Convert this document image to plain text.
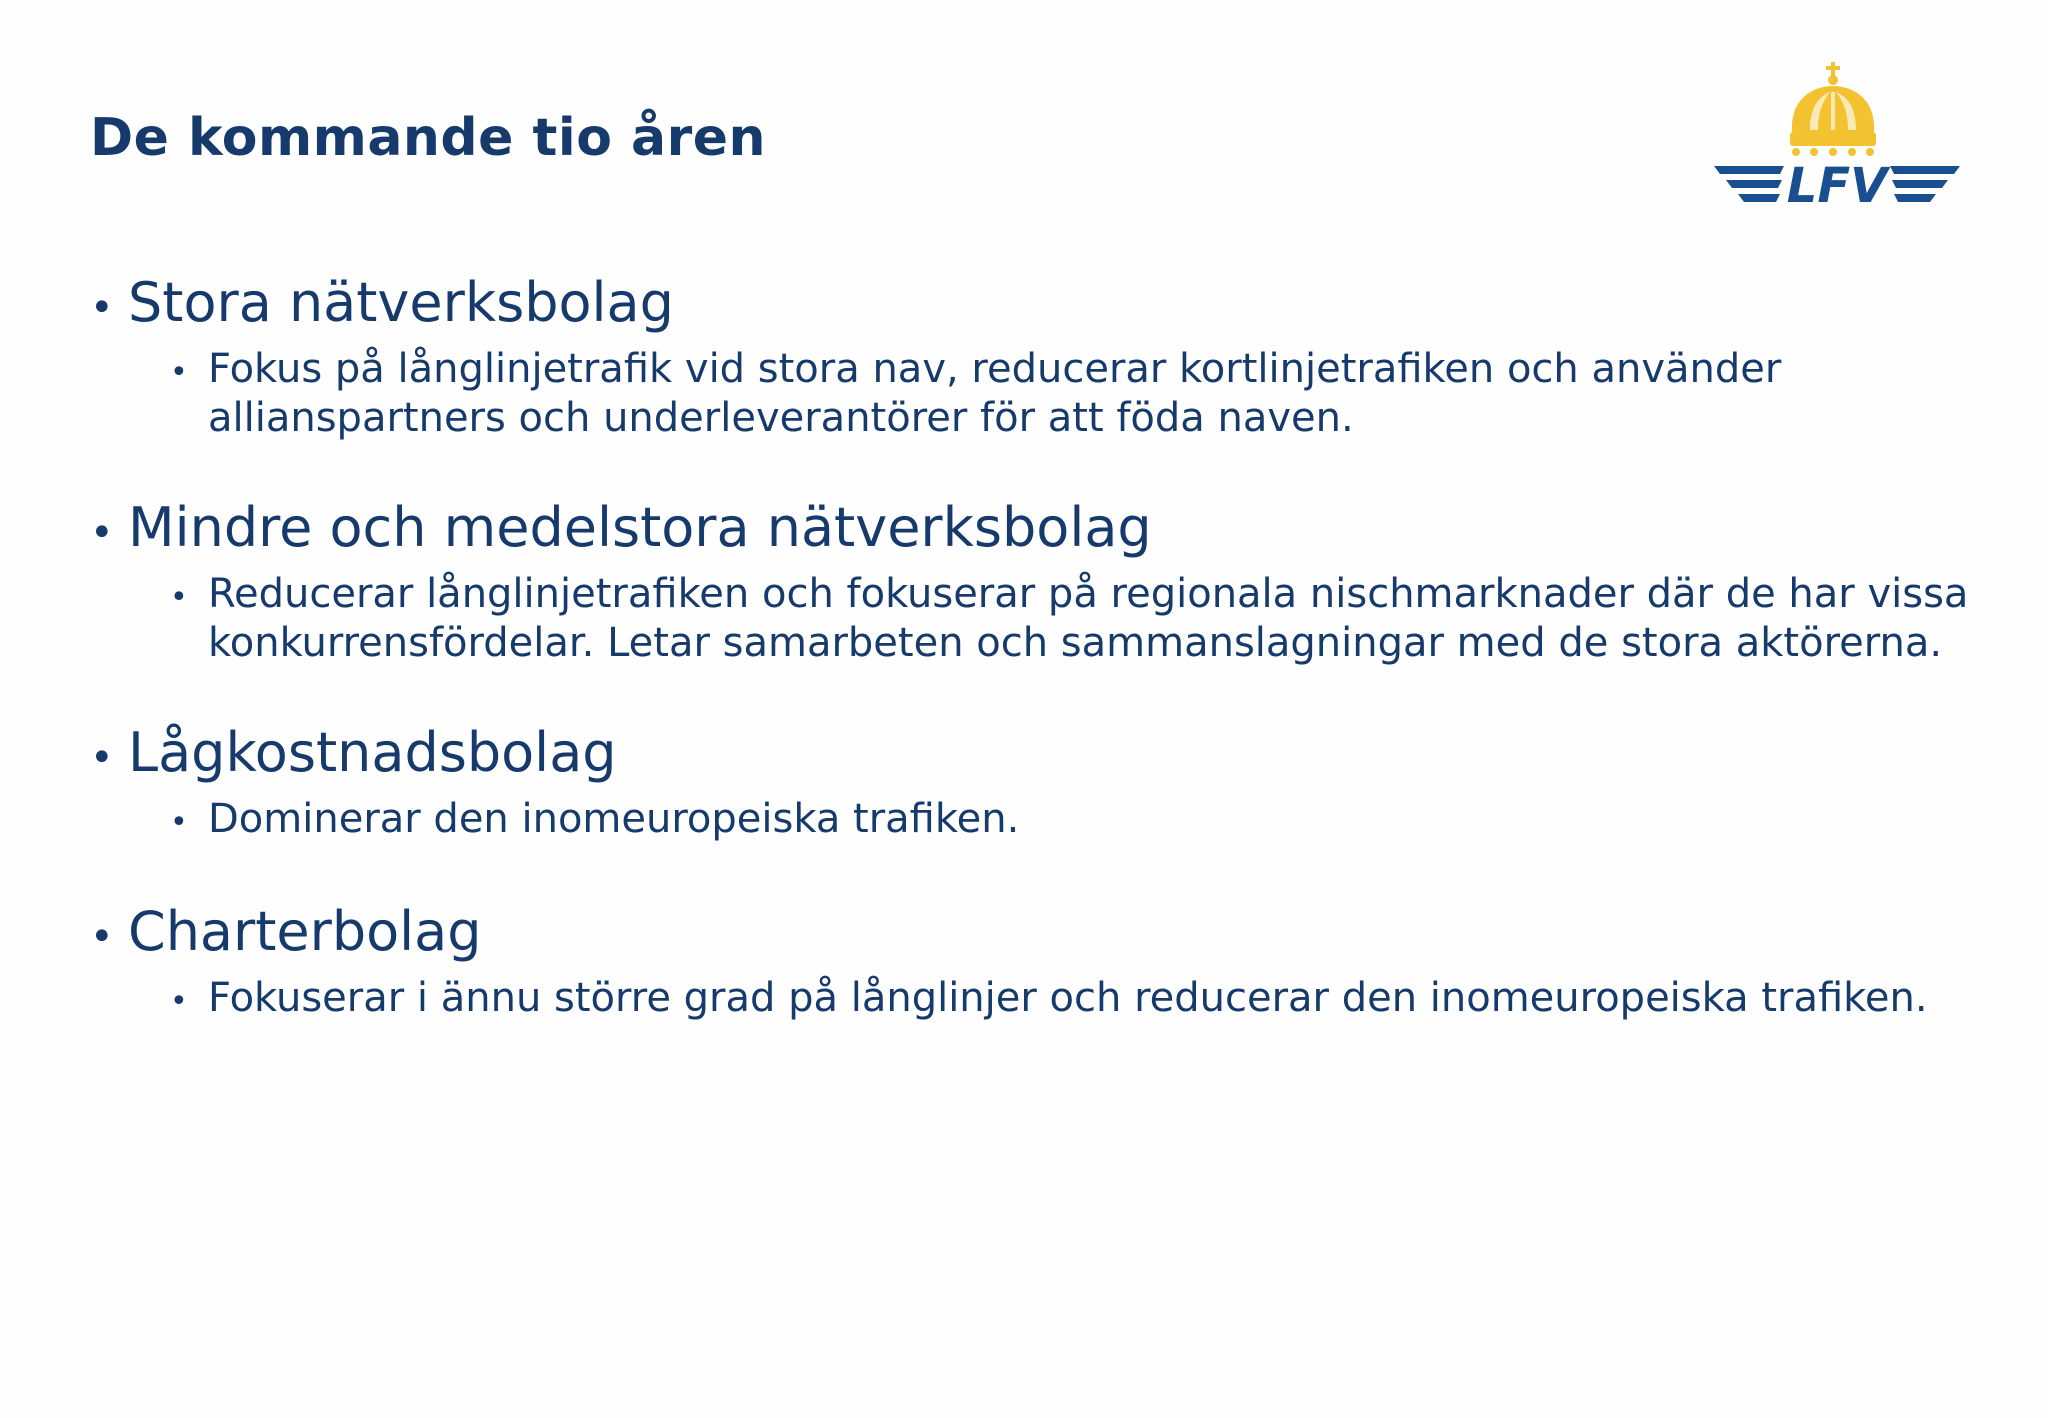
De kommande tio åren
LFV
• Stora nätverksbolag
• Fokus på långlinjetrafik vid stora nav, reducerar kortlinjetrafiken och använder allianspartners och underleverantörer för att föda naven.
• Mindre och medelstora nätverksbolag
• Reducerar långlinjetrafiken och fokuserar på regionala nischmarknader där de har vissa konkurrensfördelar. Letar samarbeten och sammanslagningar med de stora aktörerna.
• Lågkostnadsbolag
• Dominerar den inomeuropeiska trafiken.
• Charterbolag
• Fokuserar i ännu större grad på långlinjer och reducerar den inomeuropeiska trafiken.
